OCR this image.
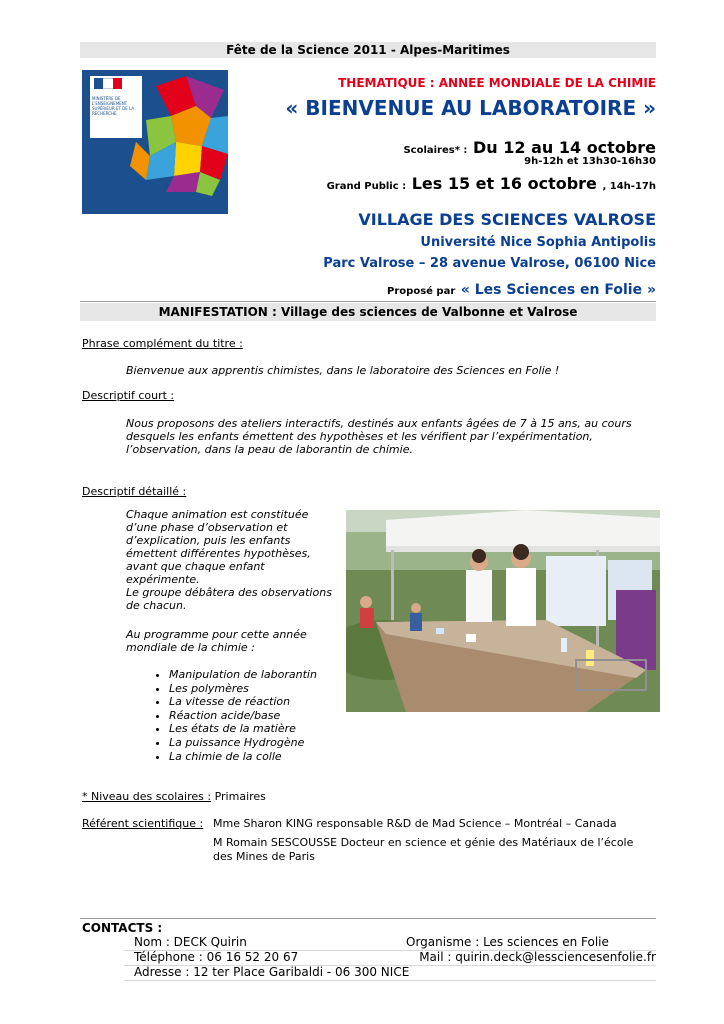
Fête de la Science 2011 - Alpes-Maritimes
MINISTÈRE DE L'ENSEIGNEMENT SUPÉRIEUR ET DE LA RECHERCHE
THEMATIQUE : ANNEE MONDIALE DE LA CHIMIE
« BIENVENUE AU LABORATOIRE »
Scolaires* : Du 12 au 14 octobre
9h-12h et 13h30-16h30
Grand Public : Les 15 et 16 octobre , 14h-17h
VILLAGE DES SCIENCES VALROSE
Université Nice Sophia Antipolis
Parc Valrose – 28 avenue Valrose, 06100 Nice
Proposé par « Les Sciences en Folie »
MANIFESTATION : Village des sciences de Valbonne et Valrose
Phrase complément du titre :
Bienvenue aux apprentis chimistes, dans le laboratoire des Sciences en Folie !
Descriptif court :
Nous proposons des ateliers interactifs, destinés aux enfants âgées de 7 à 15 ans, au cours
desquels les enfants émettent des hypothèses et les vérifient par l’expérimentation,
l’observation, dans la peau de laborantin de chimie.
Descriptif détaillé :
Chaque animation est constituée
d’une phase d’observation et
d’explication, puis les enfants
émettent différentes hypothèses,
avant que chaque enfant
expérimente.
Le groupe débâtera des observations
de chacun.
Au programme pour cette année
mondiale de la chimie :
• Manipulation de laborantin
• Les polymères
• La vitesse de réaction
• Réaction acide/base
• Les états de la matière
• La puissance Hydrogène
• La chimie de la colle
* Niveau des scolaires : Primaires
Référent scientifique : Mme Sharon KING responsable R&D de Mad Science – Montréal – Canada
M Romain SESCOUSSE Docteur en science et génie des Matériaux de l’école
des Mines de Paris
CONTACTS :
Nom : DECK Quirin	Organisme : Les sciences en Folie
Téléphone : 06 16 52 20 67	Mail : quirin.deck@lessciencesenfolie.fr
Adresse : 12 ter Place Garibaldi - 06 300 NICE
